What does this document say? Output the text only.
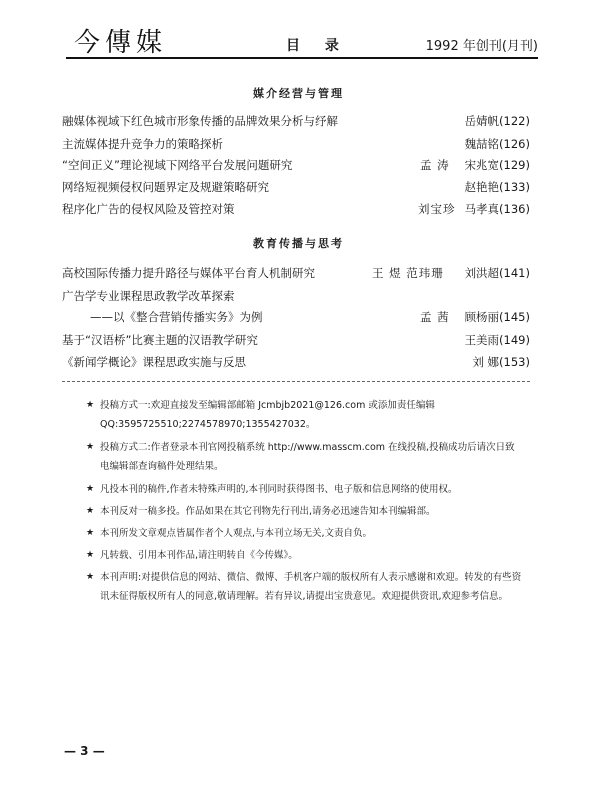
今傳媒	目 录	1992 年创刊(月刊)
媒介经营与管理
融媒体视域下红色城市形象传播的品牌效果分析与纾解	岳婧帆(122)
主流媒体提升竞争力的策略探析	魏喆铭(126)
“空间正义”理论视域下网络平台发展问题研究	孟 涛 宋兆宽(129)
网络短视频侵权问题界定及规避策略研究	赵艳艳(133)
程序化广告的侵权风险及管控对策	刘宝珍 马孝真(136)
教育传播与思考
高校国际传播力提升路径与媒体平台育人机制研究	王 煜 范玮珊 刘洪超(141)
广告学专业课程思政教学改革探索
——以《整合营销传播实务》为例	孟 茜 顾杨丽(145)
基于“汉语桥”比赛主题的汉语教学研究	王美雨(149)
《新闻学概论》课程思政实施与反思	刘 娜(153)
★ 投稿方式一:欢迎直接发至编辑部邮箱 Jcmbjb2021@126.com 或添加责任编辑 QQ:3595725510;2274578970;1355427032。
★ 投稿方式二:作者登录本刊官网投稿系统 http://www.masscm.com 在线投稿,投稿成功后请次日致电编辑部查询稿件处理结果。
★ 凡投本刊的稿件,作者未特殊声明的,本刊同时获得图书、电子版和信息网络的使用权。
★ 本刊反对一稿多投。作品如果在其它刊物先行刊出,请务必迅速告知本刊编辑部。
★ 本刊所发文章观点皆属作者个人观点,与本刊立场无关,文责自负。
★ 凡转载、引用本刊作品,请注明转自《今传媒》。
★ 本刊声明:对提供信息的网站、微信、微博、手机客户端的版权所有人表示感谢和欢迎。转发的有些资讯未征得版权所有人的同意,敬请理解。若有异议,请提出宝贵意见。欢迎提供资讯,欢迎参考信息。
— 3 —
